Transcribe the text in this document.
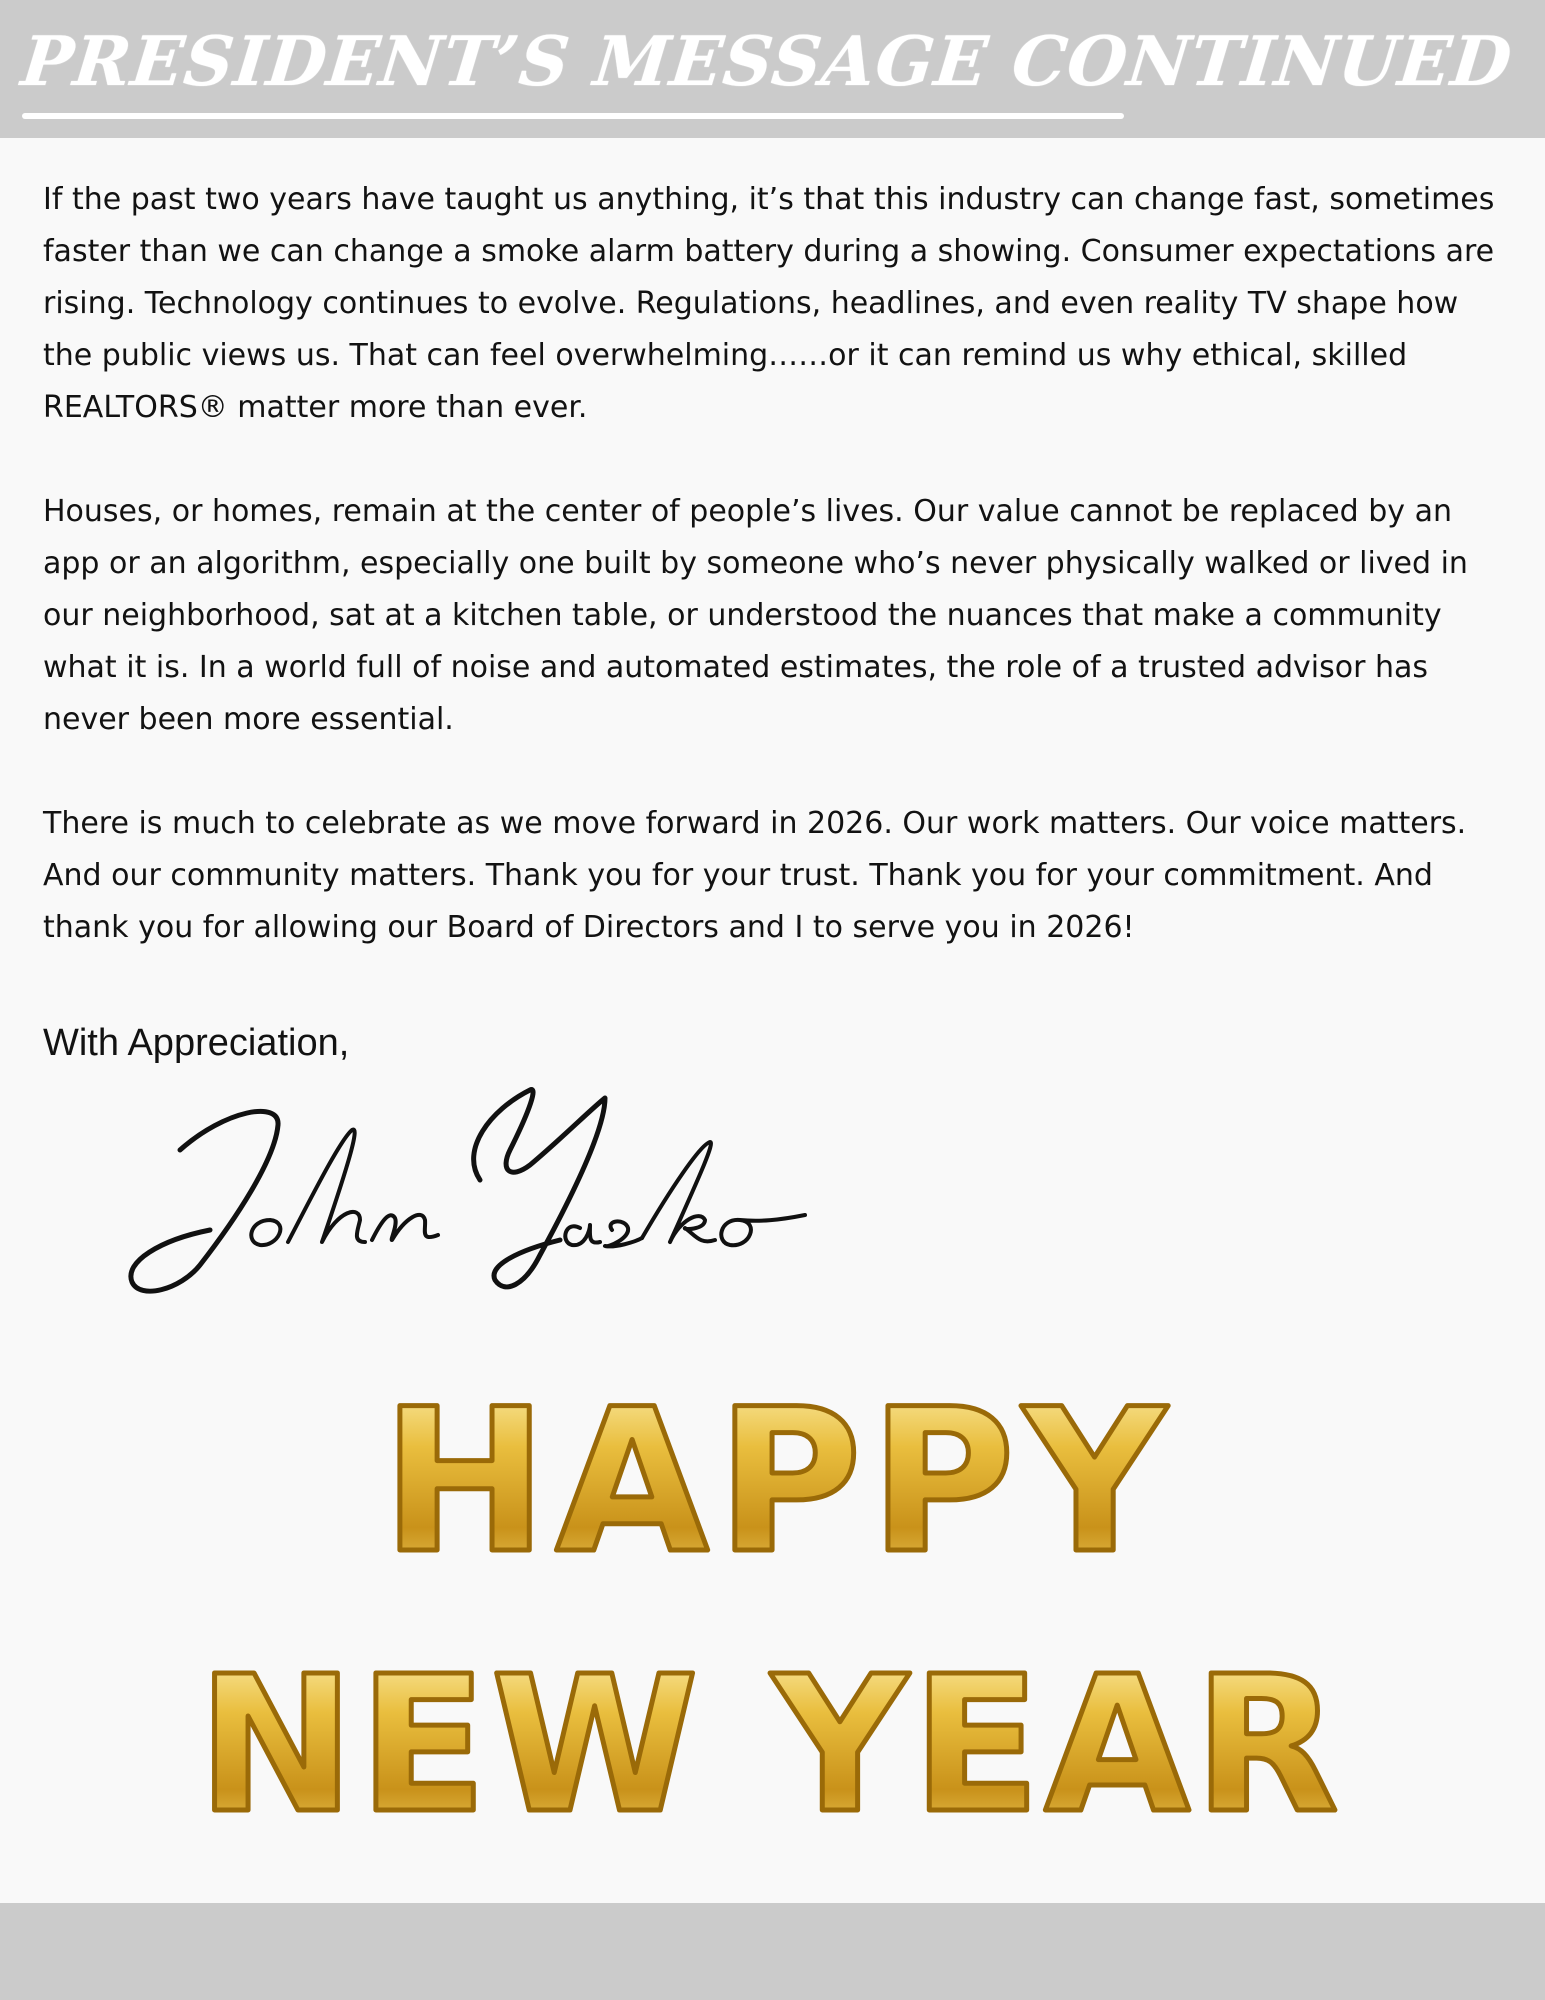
PRESIDENT’S MESSAGE CONTINUED

If the past two years have taught us anything, it’s that this industry can change fast, sometimes faster than we can change a smoke alarm battery during a showing. Consumer expectations are rising. Technology continues to evolve. Regulations, headlines, and even reality TV shape how the public views us. That can feel overwhelming……or it can remind us why ethical, skilled REALTORS® matter more than ever.

Houses, or homes, remain at the center of people’s lives. Our value cannot be replaced by an app or an algorithm, especially one built by someone who’s never physically walked or lived in our neighborhood, sat at a kitchen table, or understood the nuances that make a community what it is. In a world full of noise and automated estimates, the role of a trusted advisor has never been more essential.

There is much to celebrate as we move forward in 2026. Our work matters. Our voice matters. And our community matters. Thank you for your trust. Thank you for your commitment. And thank you for allowing our Board of Directors and I to serve you in 2026!

With Appreciation,

HAPPY
NEW YEAR
